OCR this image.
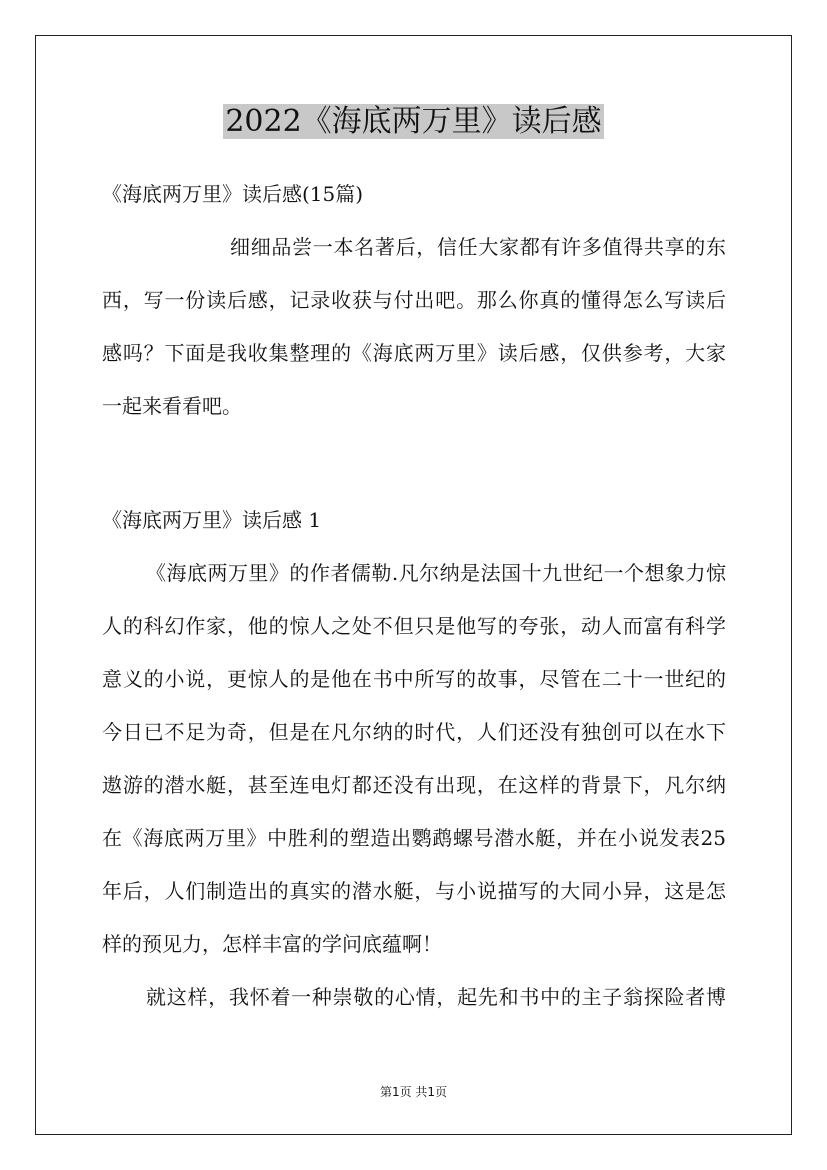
2022《海底两万里》读后感
《海底两万里》读后感(15篇)
细细品尝一本名著后，信任大家都有许多值得共享的东
西，写一份读后感，记录收获与付出吧。那么你真的懂得怎么写读后
感吗？下面是我收集整理的《海底两万里》读后感，仅供参考，大家
一起来看看吧。
《海底两万里》读后感 1
《海底两万里》的作者儒勒.凡尔纳是法国十九世纪一个想象力惊
人的科幻作家，他的惊人之处不但只是他写的夸张，动人而富有科学
意义的小说，更惊人的是他在书中所写的故事，尽管在二十一世纪的
今日已不足为奇，但是在凡尔纳的时代，人们还没有独创可以在水下
遨游的潜水艇，甚至连电灯都还没有出现，在这样的背景下，凡尔纳
在《海底两万里》中胜利的塑造出鹦鹉螺号潜水艇，并在小说发表25
年后，人们制造出的真实的潜水艇，与小说描写的大同小异，这是怎
样的预见力，怎样丰富的学问底蕴啊！
就这样，我怀着一种崇敬的心情，起先和书中的主子翁探险者博
第1页 共1页
